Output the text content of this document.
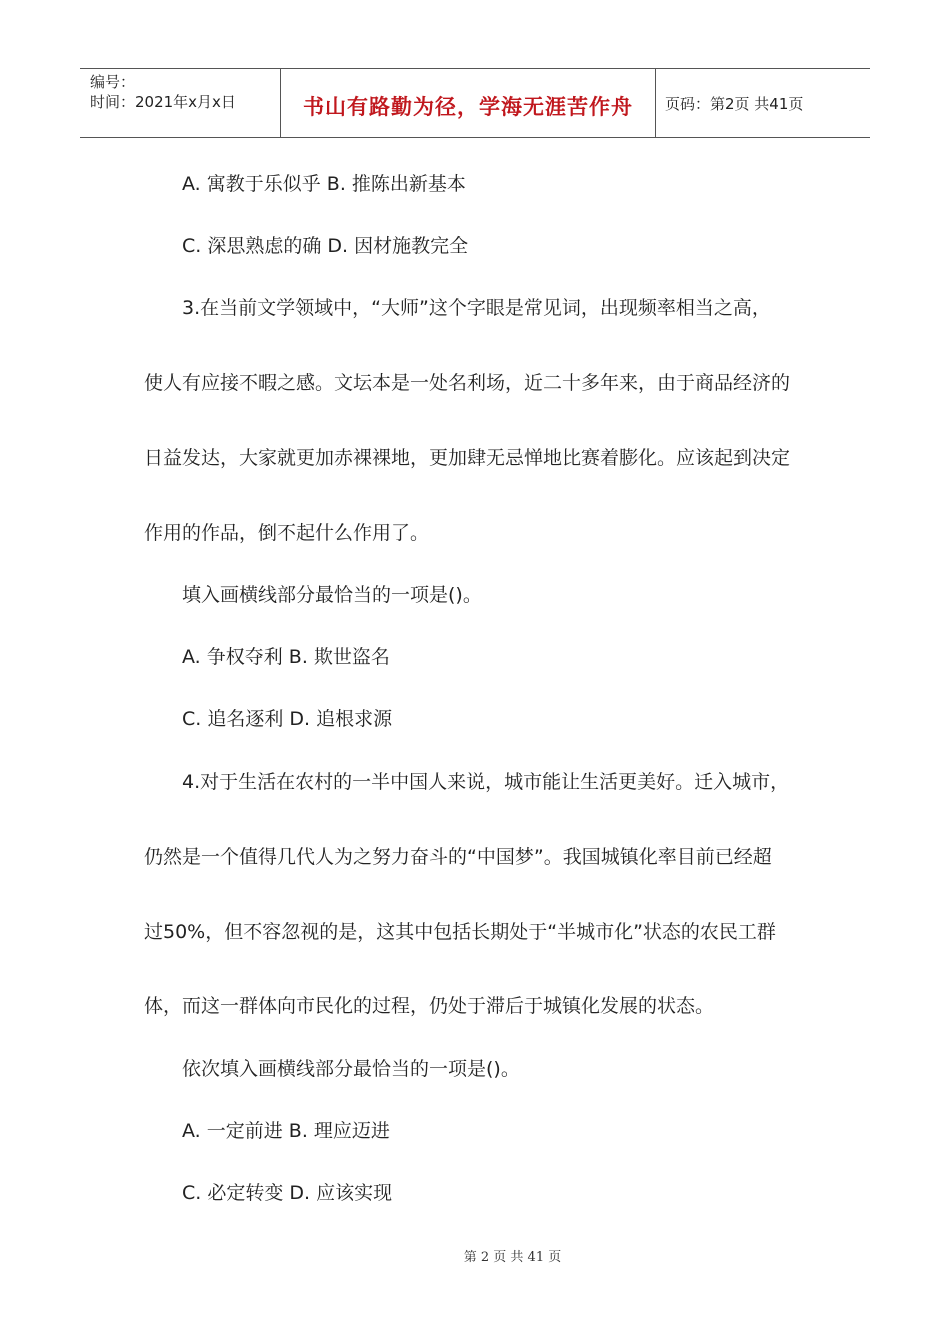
编号：
时间：2021年x月x日	书山有路勤为径，学海无涯苦作舟	页码：第2页 共41页
A. 寓教于乐似乎 B. 推陈出新基本
C. 深思熟虑的确 D. 因材施教完全
3.在当前文学领域中，“大师”这个字眼是常见词，出现频率相当之高，
使人有应接不暇之感。文坛本是一处名利场，近二十多年来，由于商品经济的
日益发达，大家就更加赤裸裸地，更加肆无忌惮地比赛着膨化。应该起到决定
作用的作品，倒不起什么作用了。
填入画横线部分最恰当的一项是()。
A. 争权夺利 B. 欺世盗名
C. 追名逐利 D. 追根求源
4.对于生活在农村的一半中国人来说，城市能让生活更美好。迁入城市，
仍然是一个值得几代人为之努力奋斗的“中国梦”。我国城镇化率目前已经超
过50%，但不容忽视的是，这其中包括长期处于“半城市化”状态的农民工群
体，而这一群体向市民化的过程，仍处于滞后于城镇化发展的状态。
依次填入画横线部分最恰当的一项是()。
A. 一定前进 B. 理应迈进
C. 必定转变 D. 应该实现
第 2 页 共 41 页
